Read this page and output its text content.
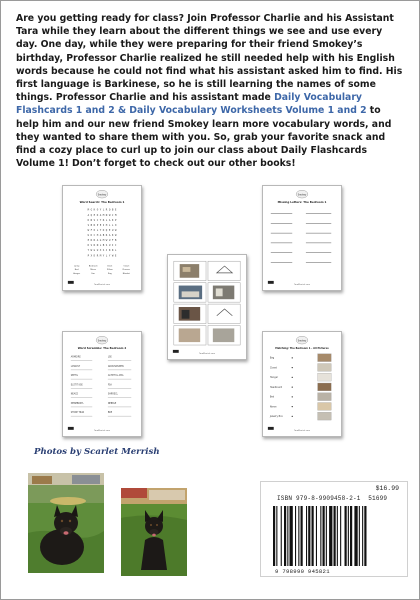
Are you getting ready for class? Join Professor Charlie and his Assistant Tara while they learn about the different things we see and use every day. One day, while they were preparing for their friend Smokey’s birthday, Professor Charlie realized he still needed help with his English words because he could not find what his assistant asked him to find. His first language is Barkinese, so he is still learning the names of some things. Professor Charlie and his assistant made Daily Vocabulary Flashcards 1 and 2 & Daily Vocabulary Worksheets Volume 1 and 2 to help him and our new friend Smokey learn more vocabulary words, and they wanted to share them with you. So, grab your favorite snack and find a cozy place to curl up to join our class about Daily Flashcards Volume 1! Don’t forget to check out our other books!

Smokey
Word Search: The Bedroom 1
M G K O Y L R Q B E
A Q E D A M N W J M
D N S C T R L A K P
S B R P E I H L L O
W F O L Y D Q E U W
U D C H A B R A K W
E R R A G M W U F B
D S R N L B S U I C
Y W G U X S J R R L
P X D R M Y L Y W E
Lamp	Bedroom	Desk	Closet
Bed	Mirror	Pillow	Dresser
Hanger	Fan	Rug	Blanket
TaraMerrish.com
Smokey
Missing Letters: The Bedroom 1
TaraMerrish.com
TaraMerrish.com
Smokey
Word Scramble: The Bedroom 2
ARMOIRE	LSE
LOWOST	GROUNDSMEN
SEETIL	ACHHTUL AMA
ELSTIT KSE	FSA
NEACE	SHRRECL
MENEBRSTL	NEBBLE
STRDP TRAR	BRE
TaraMerrish.com
Smokey
Matching: The Bedroom 1 - All Pictures
Bag
Closet
Hanger
Headboard
Bed
Nerve
Jewelry Box
TaraMerrish.com
Photos by Scarlet Merrish
$16.99
ISBN 979-8-9909458-2-1 51699
9 798990 945821
